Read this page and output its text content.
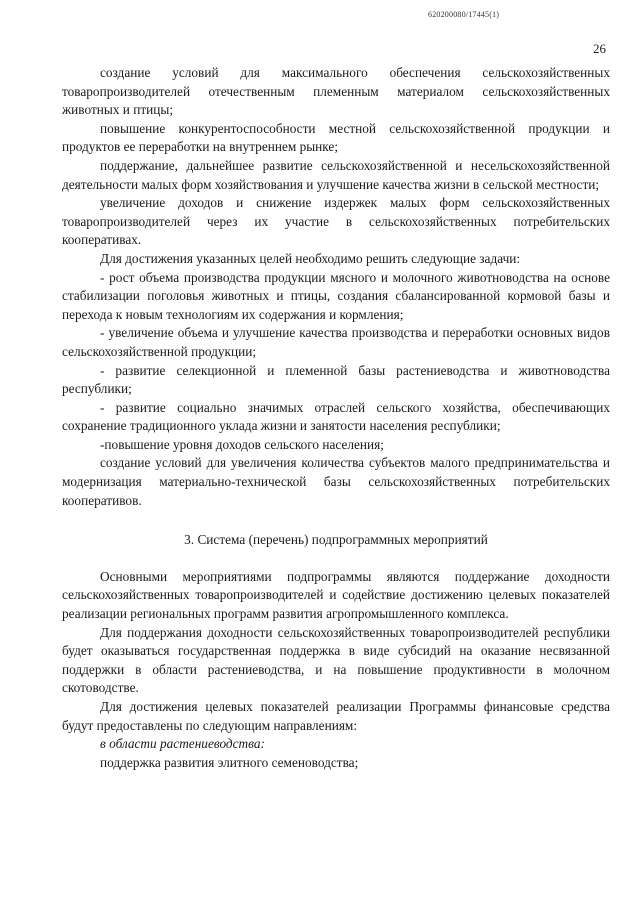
620200080/17445(1)
26

создание условий для максимального обеспечения сельскохозяйственных товаропроизводителей отечественным племенным материалом сельскохозяйственных животных и птицы;

повышение конкурентоспособности местной сельскохозяйственной продукции и продуктов ее переработки на внутреннем рынке;

поддержание, дальнейшее развитие сельскохозяйственной и несельскохозяйственной деятельности малых форм хозяйствования и улучшение качества жизни в сельской местности;

увеличение доходов и снижение издержек малых форм сельскохозяйственных товаропроизводителей через их участие в сельскохозяйственных потребительских кооперативах.

Для достижения указанных целей необходимо решить следующие задачи:

- рост объема производства продукции мясного и молочного животноводства на основе стабилизации поголовья животных и птицы, создания сбалансированной кормовой базы и перехода к новым технологиям их содержания и кормления;

- увеличение объема и улучшение качества производства и переработки основных видов сельскохозяйственной продукции;

- развитие селекционной и племенной базы растениеводства и животноводства республики;

- развитие социально значимых отраслей сельского хозяйства, обеспечивающих сохранение традиционного уклада жизни и занятости населения республики;

-повышение уровня доходов сельского населения;

создание условий для увеличения количества субъектов малого предпринимательства и модернизация материально-технической базы сельскохозяйственных потребительских кооперативов.

3. Система (перечень) подпрограммных мероприятий

Основными мероприятиями подпрограммы являются поддержание доходности сельскохозяйственных товаропроизводителей и содействие достижению целевых показателей реализации региональных программ развития агропромышленного комплекса.

Для поддержания доходности сельскохозяйственных товаропроизводителей республики будет оказываться государственная поддержка в виде субсидий на оказание несвязанной поддержки в области растениеводства, и на повышение продуктивности в молочном скотоводстве.

Для достижения целевых показателей реализации Программы финансовые средства будут предоставлены по следующим направлениям:

в области растениеводства:

поддержка развития элитного семеноводства;
